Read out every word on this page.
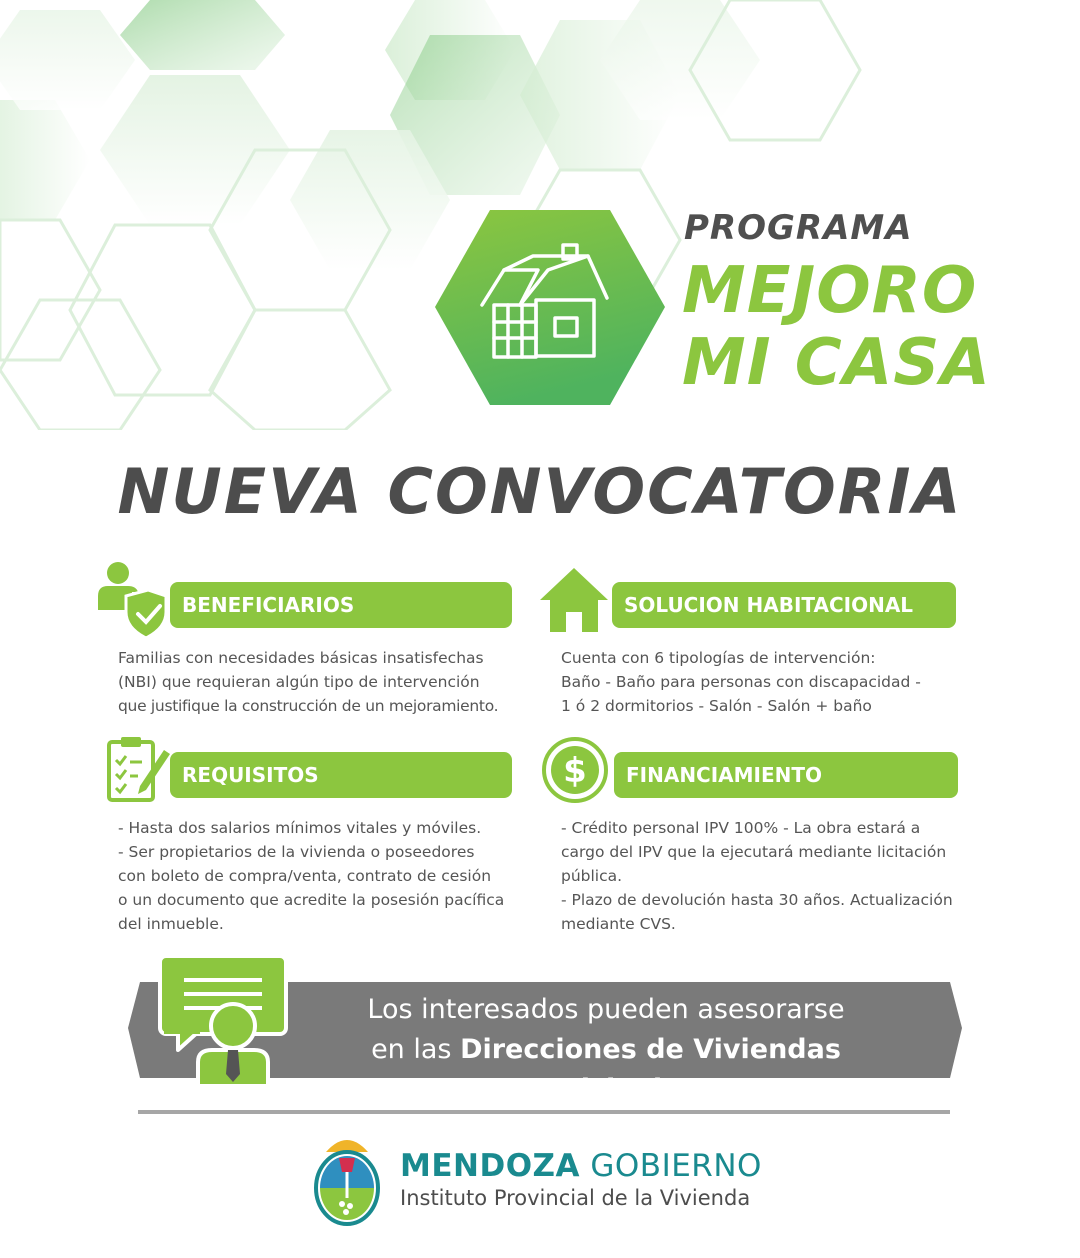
PROGRAMA
MEJORO
MI CASA
NUEVA CONVOCATORIA
BENEFICIARIOS
Familias con necesidades básicas insatisfechas
(NBI) que requieran algún tipo de intervención
que justifique la construcción de un mejoramiento.
SOLUCION HABITACIONAL
Cuenta con 6 tipologías de intervención:
Baño - Baño para personas con discapacidad -
1 ó 2 dormitorios - Salón - Salón + baño
REQUISITOS
- Hasta dos salarios mínimos vitales y móviles.
- Ser propietarios de la vivienda o poseedores
con boleto de compra/venta, contrato de cesión
o un documento que acredite la posesión pacífica
del inmueble.
$	FINANCIAMIENTO
- Crédito personal IPV 100% - La obra estará a
cargo del IPV que la ejecutará mediante licitación
pública.
- Plazo de devolución hasta 30 años. Actualización
mediante CVS.
Los interesados pueden asesorarse
en las Direcciones de Viviendas Municipales
MENDOZA GOBIERNO
Instituto Provincial de la Vivienda
